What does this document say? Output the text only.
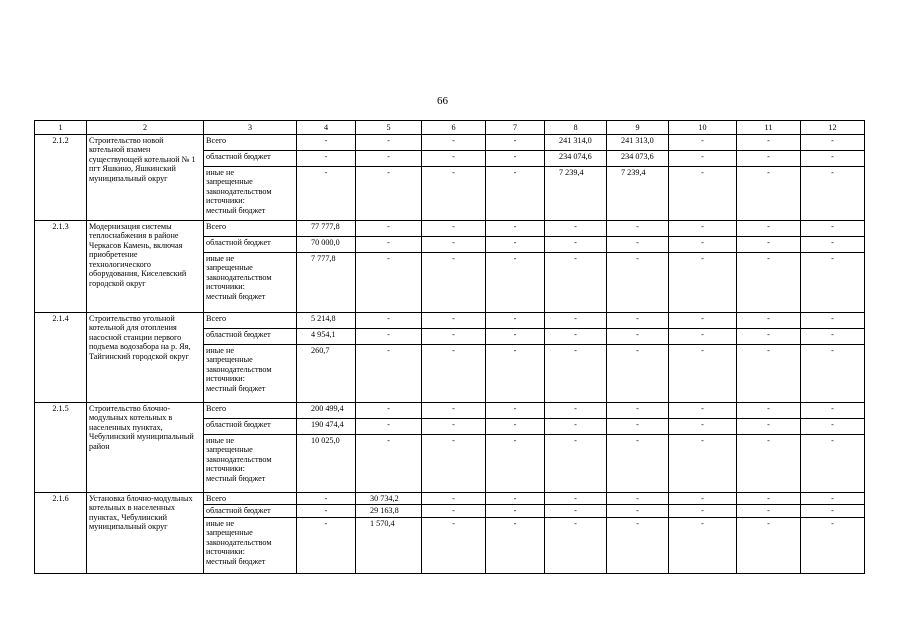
66
1	2	3	4	5	6	7	8	9	10	11	12
2.1.2	Строительство новой котельной взамен существующей котельной № 1 пгт Яшкино, Яшкинский муниципальный округ	Всего	-	-	-	-	241 314,0	241 313,0	-	-	-
		областной бюджет	-	-	-	-	234 074,6	234 073,6	-	-	-

		иные не
запрещенные
законодательством
источники:
местный бюджет	-	-	-	-	7 239,4	7 239,4	-	-	-
2.1.3	Модернизация системы теплоснабжения в районе Черкасов Камень, включая приобретение технологического оборудования, Киселевский городской округ	Всего	77 777,8	-	-	-	-	-	-	-	-
		областной бюджет	70 000,0	-	-	-	-	-	-	-	-

		иные не
запрещенные
законодательством
источники:
местный бюджет	7 777,8	-	-	-	-	-	-	-	-
2.1.4	Строительство угольной котельной для отопления насосной станции первого подъема водозабора на р. Яя, Тайгинский городской округ	Всего	5 214,8	-	-	-	-	-	-	-	-
		областной бюджет	4 954,1	-	-	-	-	-	-	-	-

		иные не
запрещенные
законодательством
источники:
местный бюджет	260,7	-	-	-	-	-	-	-	-
2.1.5	Строительство блочно-модульных котельных в населенных пунктах, Чебулинский муниципальный район	Всего	200 499,4	-	-	-	-	-	-	-	-
		областной бюджет	190 474,4	-	-	-	-	-	-	-	-

		иные не
запрещенные
законодательством
источники:
местный бюджет	10 025,0	-	-	-	-	-	-	-	-
2.1.6	Установка блочно-модульных котельных в населенных пунктах, Чебулинский муниципальный округ	Всего	-	30 734,2	-	-	-	-	-	-	-
		областной бюджет	-	29 163,8	-	-	-	-	-	-	-

		иные не
запрещенные
законодательством
источники:
местный бюджет	-	1 570,4	-	-	-	-	-	-	-
